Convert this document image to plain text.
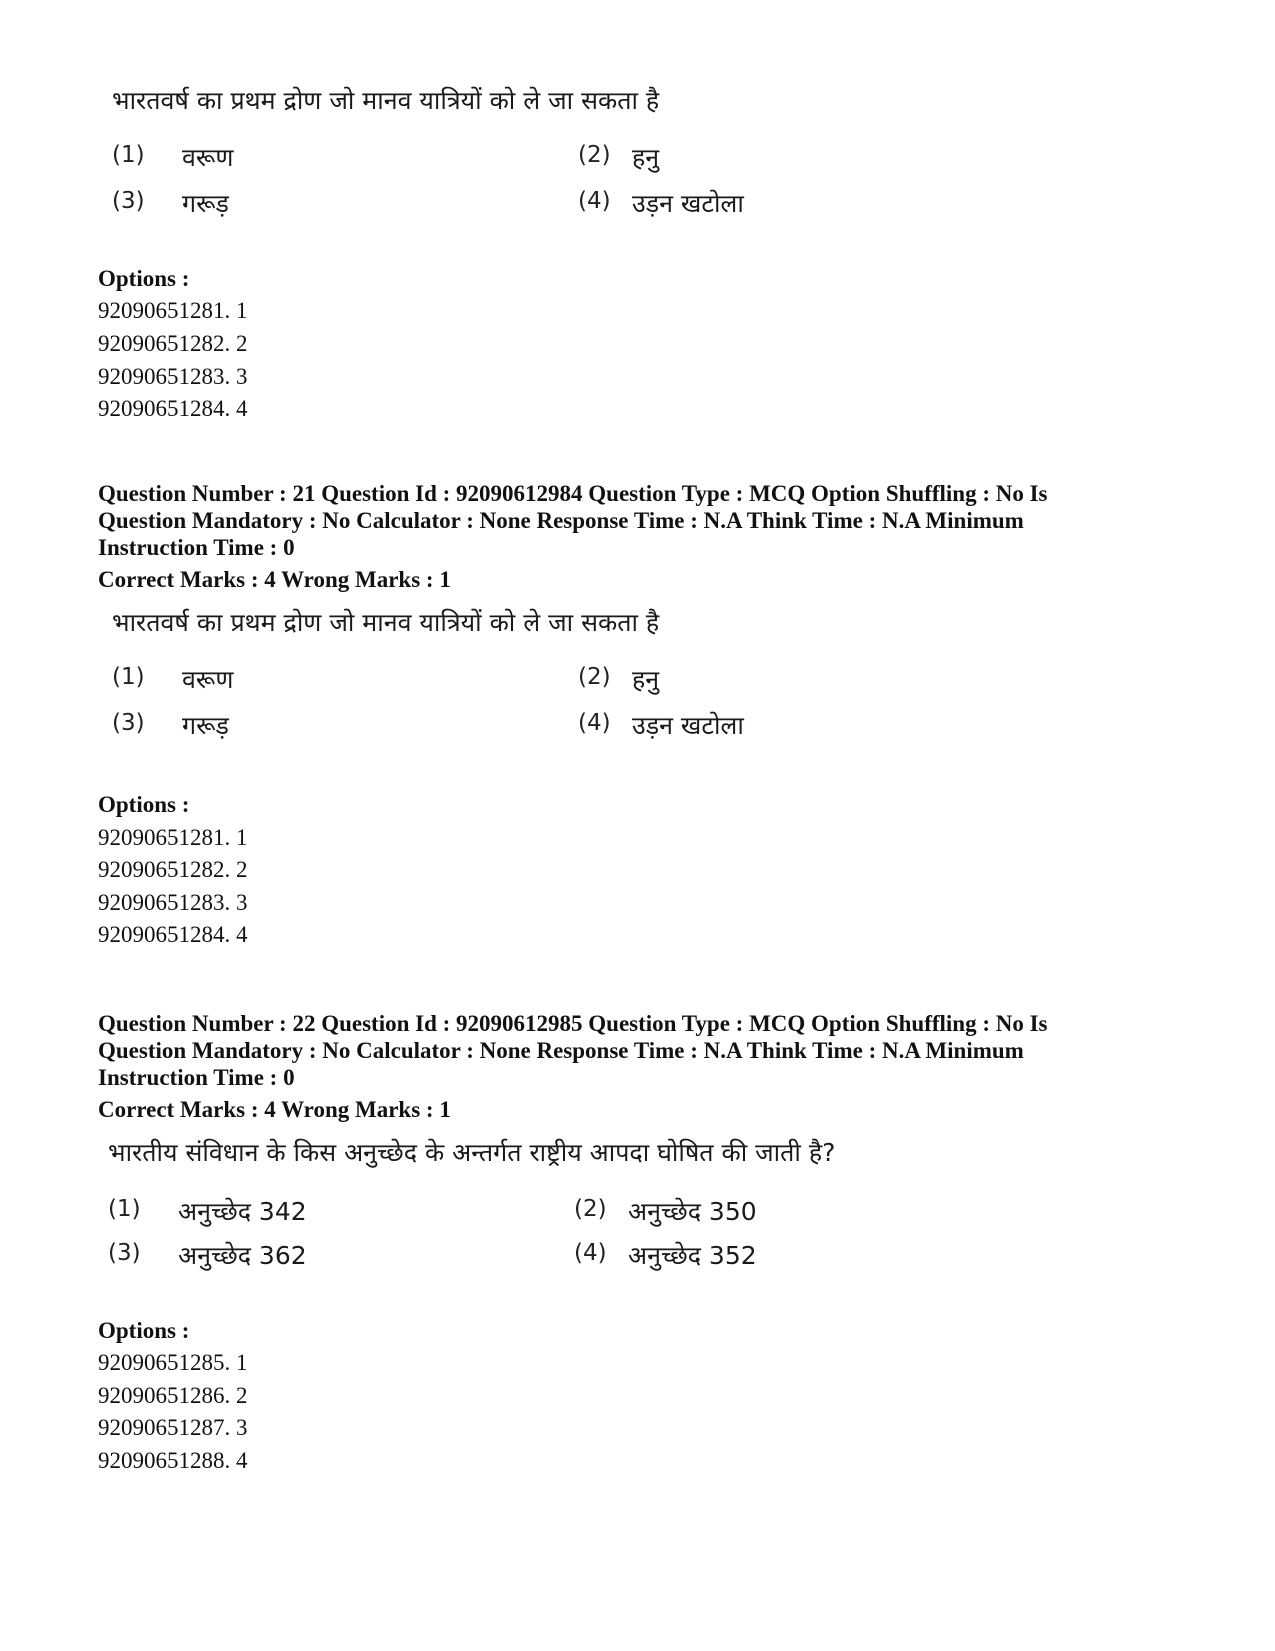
भारतवर्ष का प्रथम द्रोण जो मानव यात्रियों को ले जा सकता है
(1) वरूण	(2) हनु
(3) गरूड़	(4) उड़न खटोला
Options :
92090651281. 1
92090651282. 2
92090651283. 3
92090651284. 4
Question Number : 21 Question Id : 92090612984 Question Type : MCQ Option Shuffling : No Is
Question Mandatory : No Calculator : None Response Time : N.A Think Time : N.A Minimum
Instruction Time : 0
Correct Marks : 4 Wrong Marks : 1
भारतवर्ष का प्रथम द्रोण जो मानव यात्रियों को ले जा सकता है
(1) वरूण	(2) हनु
(3) गरूड़	(4) उड़न खटोला
Options :
92090651281. 1
92090651282. 2
92090651283. 3
92090651284. 4
Question Number : 22 Question Id : 92090612985 Question Type : MCQ Option Shuffling : No Is
Question Mandatory : No Calculator : None Response Time : N.A Think Time : N.A Minimum
Instruction Time : 0
Correct Marks : 4 Wrong Marks : 1
भारतीय संविधान के किस अनुच्छेद के अन्तर्गत राष्ट्रीय आपदा घोषित की जाती है?
(1) अनुच्छेद 342	(2) अनुच्छेद 350
(3) अनुच्छेद 362	(4) अनुच्छेद 352
Options :
92090651285. 1
92090651286. 2
92090651287. 3
92090651288. 4
